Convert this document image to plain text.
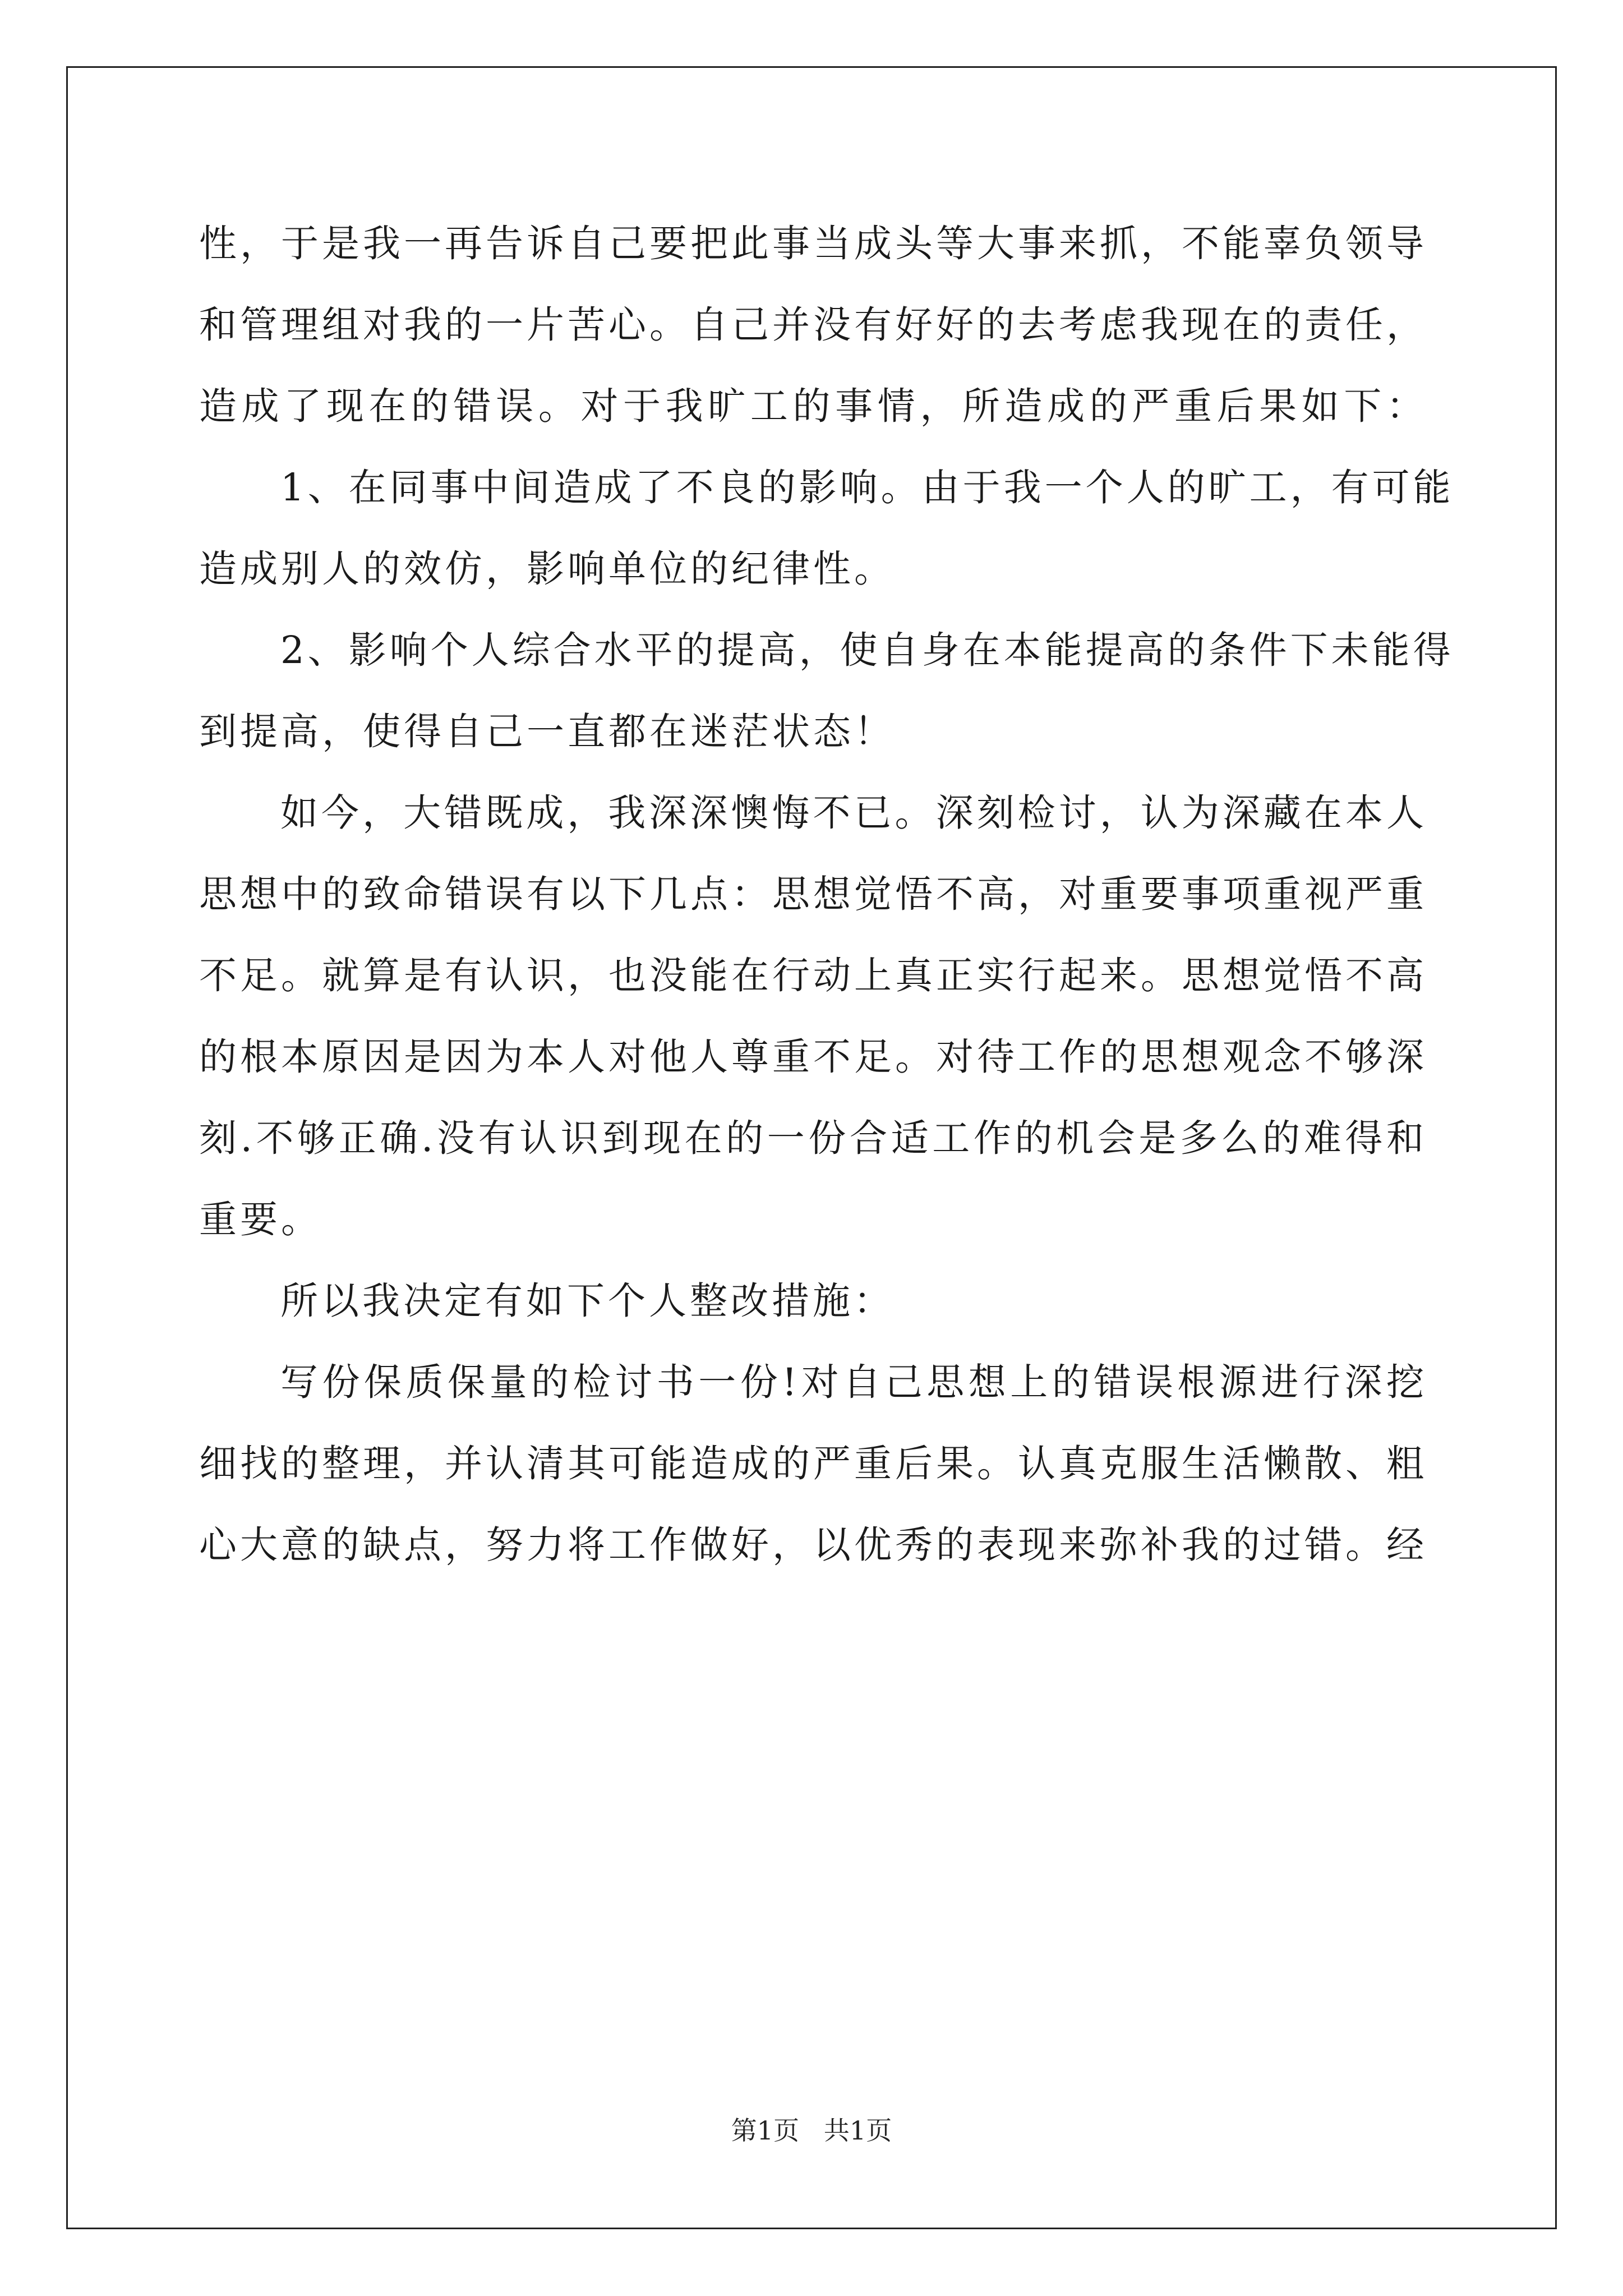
性，于是我一再告诉自己要把此事当成头等大事来抓，不能辜负领导
和管理组对我的一片苦心。自己并没有好好的去考虑我现在的责任，
造成了现在的错误。对于我旷工的事情，所造成的严重后果如下：
1、在同事中间造成了不良的影响。由于我一个人的旷工，有可能
造成别人的效仿，影响单位的纪律性。
2、影响个人综合水平的提高，使自身在本能提高的条件下未能得
到提高，使得自己一直都在迷茫状态！
如今，大错既成，我深深懊悔不已。深刻检讨，认为深藏在本人
思想中的致命错误有以下几点：思想觉悟不高，对重要事项重视严重
不足。就算是有认识，也没能在行动上真正实行起来。思想觉悟不高
的根本原因是因为本人对他人尊重不足。对待工作的思想观念不够深
刻.不够正确.没有认识到现在的一份合适工作的机会是多么的难得和
重要。
所以我决定有如下个人整改措施：
写份保质保量的检讨书一份!对自己思想上的错误根源进行深挖
细找的整理，并认清其可能造成的严重后果。认真克服生活懒散、粗
心大意的缺点，努力将工作做好，以优秀的表现来弥补我的过错。经
第1页   共1页
